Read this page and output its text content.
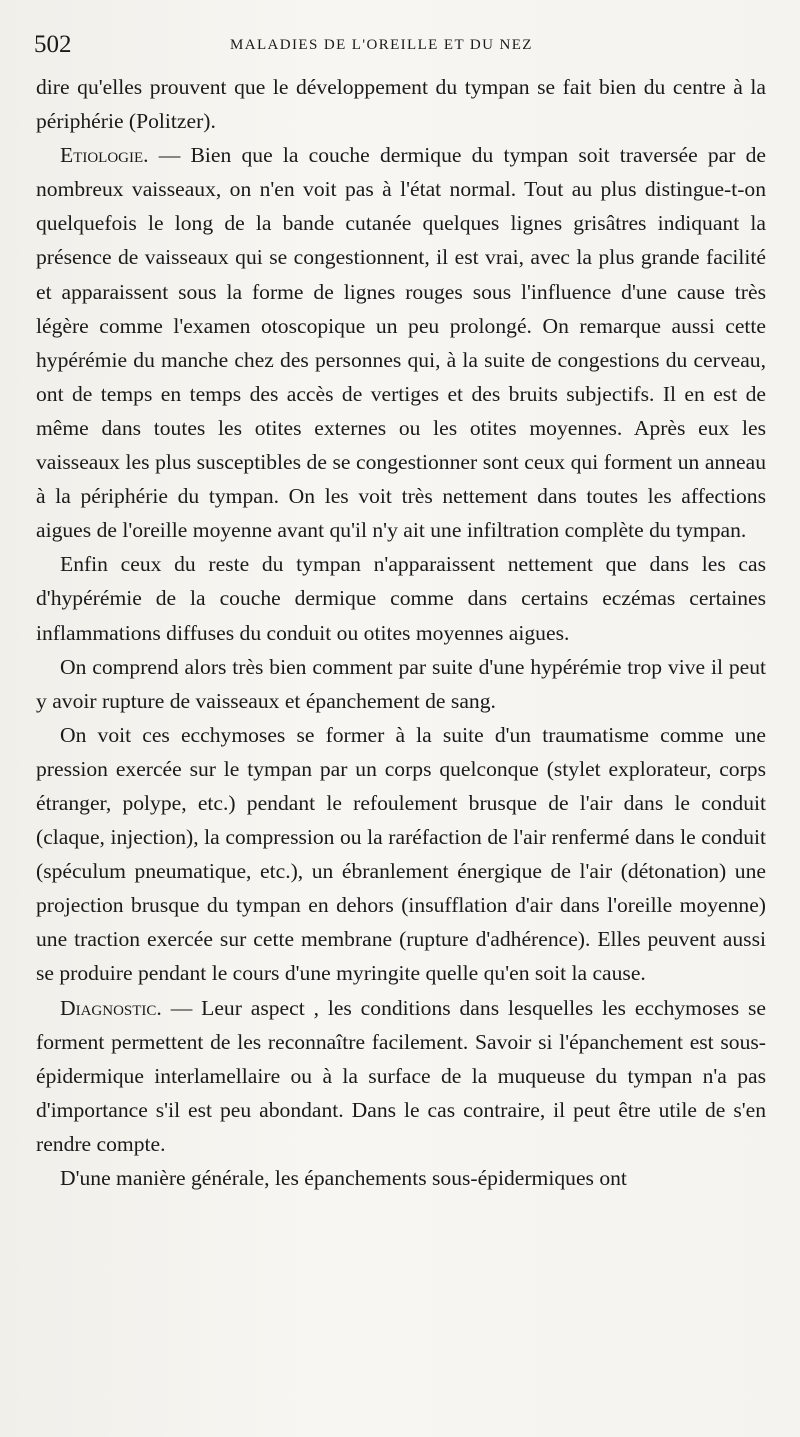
502	MALADIES DE L'OREILLE ET DU NEZ

dire qu'elles prouvent que le développement du tympan se fait bien du centre à la périphérie (Politzer).

Etiologie. — Bien que la couche dermique du tympan soit traversée par de nombreux vaisseaux, on n'en voit pas à l'état normal. Tout au plus distingue-t-on quelquefois le long de la bande cutanée quelques lignes grisâtres indiquant la présence de vaisseaux qui se congestionnent, il est vrai, avec la plus grande facilité et apparaissent sous la forme de lignes rouges sous l'influence d'une cause très légère comme l'examen otoscopique un peu prolongé. On remarque aussi cette hypérémie du manche chez des personnes qui, à la suite de congestions du cerveau, ont de temps en temps des accès de vertiges et des bruits subjectifs. Il en est de même dans toutes les otites externes ou les otites moyennes. Après eux les vaisseaux les plus susceptibles de se congestionner sont ceux qui forment un anneau à la périphérie du tympan. On les voit très nettement dans toutes les affections aigues de l'oreille moyenne avant qu'il n'y ait une infiltration complète du tympan.

Enfin ceux du reste du tympan n'apparaissent nettement que dans les cas d'hypérémie de la couche dermique comme dans certains eczémas certaines inflammations diffuses du conduit ou otites moyennes aigues.

On comprend alors très bien comment par suite d'une hypérémie trop vive il peut y avoir rupture de vaisseaux et épanchement de sang.

On voit ces ecchymoses se former à la suite d'un traumatisme comme une pression exercée sur le tympan par un corps quelconque (stylet explorateur, corps étranger, polype, etc.) pendant le refoulement brusque de l'air dans le conduit (claque, injection), la compression ou la raréfaction de l'air renfermé dans le conduit (spéculum pneumatique, etc.), un ébranlement énergique de l'air (détonation) une projection brusque du tympan en dehors (insufflation d'air dans l'oreille moyenne) une traction exercée sur cette membrane (rupture d'adhérence). Elles peuvent aussi se produire pendant le cours d'une myringite quelle qu'en soit la cause.

Diagnostic. — Leur aspect , les conditions dans lesquelles les ecchymoses se forment permettent de les reconnaître facilement. Savoir si l'épanchement est sous-épidermique interlamellaire ou à la surface de la muqueuse du tympan n'a pas d'importance s'il est peu abondant. Dans le cas contraire, il peut être utile de s'en rendre compte.

D'une manière générale, les épanchements sous-épidermiques ont
